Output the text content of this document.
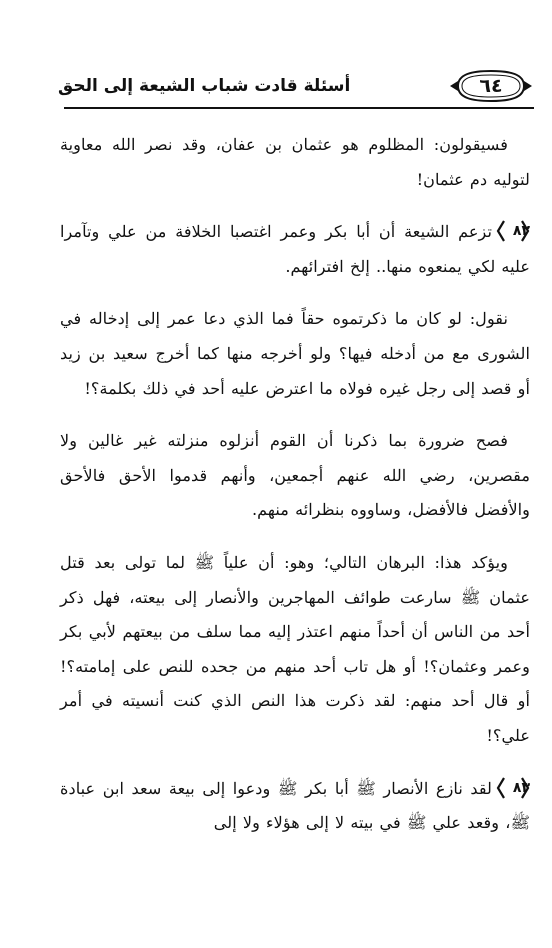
٦٤
أسئلة قادت شباب الشيعة إلى الحق

فسيقولون: المظلوم هو عثمان بن عفان، وقد نصر الله معاوية لتوليه دم عثمان!

٨٢
تزعم الشيعة أن أبا بكر وعمر اغتصبا الخلافة من علي وتآمرا عليه لكي يمنعوه منها.. إلخ افترائهم.

نقول: لو كان ما ذكرتموه حقاً فما الذي دعا عمر إلى إدخاله في الشورى مع من أدخله فيها؟ ولو أخرجه منها كما أخرج سعيد بن زيد أو قصد إلى رجل غيره فولاه ما اعترض عليه أحد في ذلك بكلمة؟!

فصح ضرورة بما ذكرنا أن القوم أنزلوه منزلته غير غالين ولا مقصرين، رضي الله عنهم أجمعين، وأنهم قدموا الأحق فالأحق والأفضل فالأفضل، وساووه بنظرائه منهم.

ويؤكد هذا: البرهان التالي؛ وهو: أن علياً ﷺ لما تولى بعد قتل عثمان ﷺ سارعت طوائف المهاجرين والأنصار إلى بيعته، فهل ذكر أحد من الناس أن أحداً منهم اعتذر إليه مما سلف من بيعتهم لأبي بكر وعمر وعثمان؟! أو هل تاب أحد منهم من جحده للنص على إمامته؟! أو قال أحد منهم: لقد ذكرت هذا النص الذي كنت أنسيته في أمر علي؟!

٨٣
لقد نازع الأنصار ﷺ أبا بكر ﷺ ودعوا إلى بيعة سعد ابن عبادة ﷺ، وقعد علي ﷺ في بيته لا إلى هؤلاء ولا إلى
